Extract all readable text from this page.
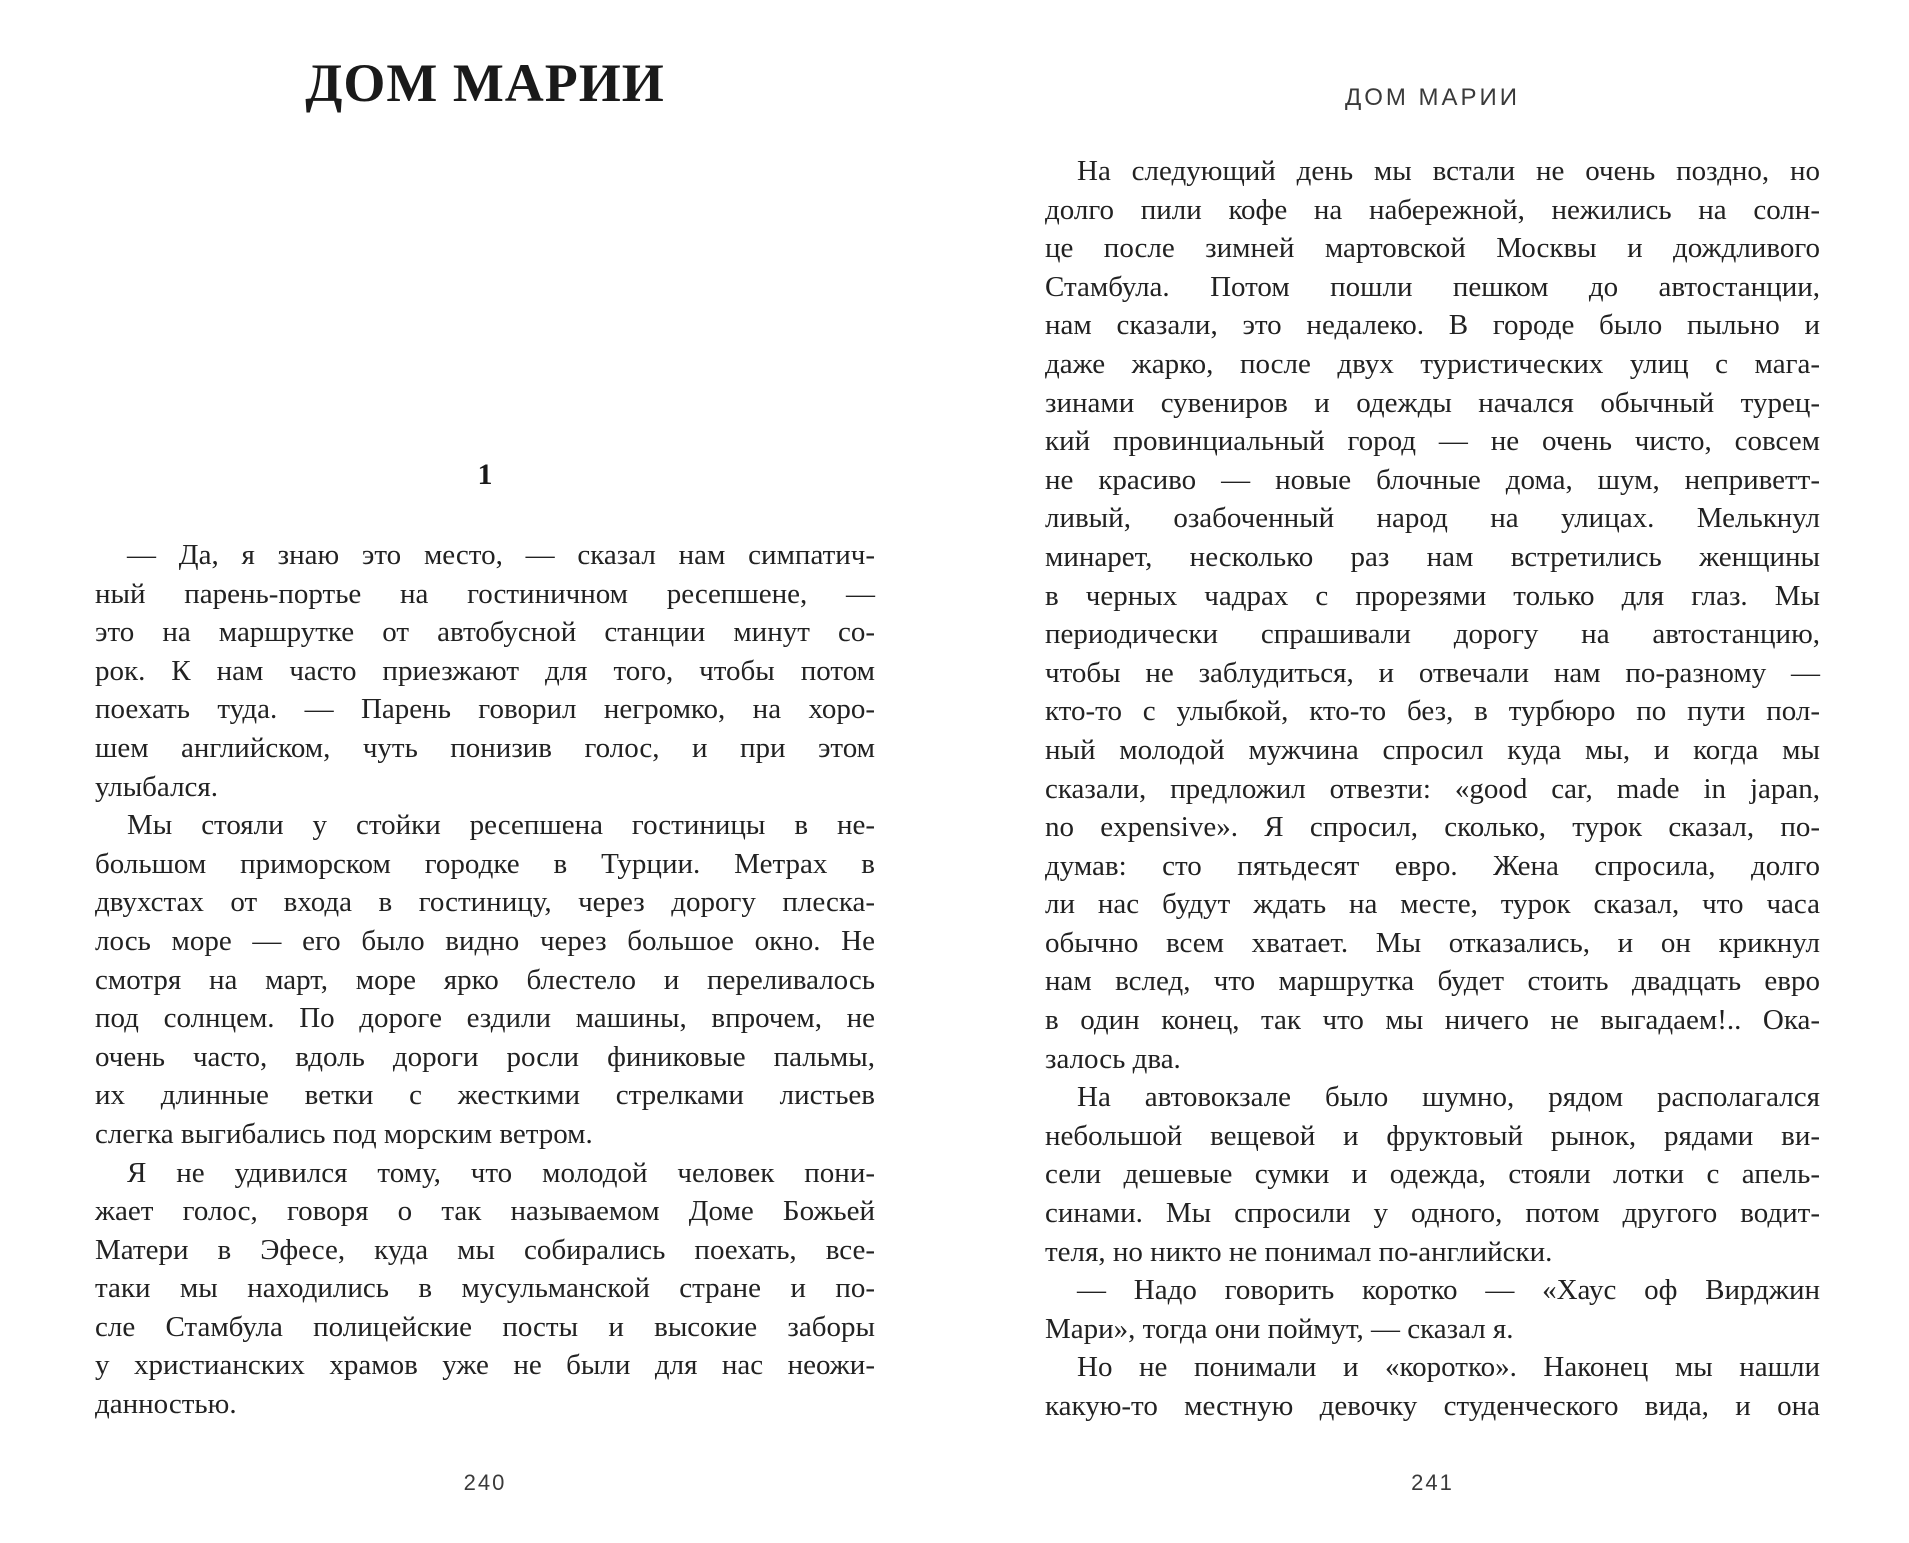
ДОМ МАРИИ
1
— Да, я знаю это место, — сказал нам симпатич-
ный парень-портье на гостиничном ресепшене, —
это на маршрутке от автобусной станции минут со-
рок. К нам часто приезжают для того, чтобы потом
поехать туда. — Парень говорил негромко, на хоро-
шем английском, чуть понизив голос, и при этом
улыбался.
Мы стояли у стойки ресепшена гостиницы в не-
большом приморском городке в Турции. Метрах в
двухстах от входа в гостиницу, через дорогу плеска-
лось море — его было видно через большое окно. Не
смотря на март, море ярко блестело и переливалось
под солнцем. По дороге ездили машины, впрочем, не
очень часто, вдоль дороги росли финиковые пальмы,
их длинные ветки с жесткими стрелками листьев
слегка выгибались под морским ветром.
Я не удивился тому, что молодой человек пони-
жает голос, говоря о так называемом Доме Божьей
Матери в Эфесе, куда мы собирались поехать, все-
таки мы находились в мусульманской стране и по-
сле Стамбула полицейские посты и высокие заборы
у христианских храмов уже не были для нас неожи-
данностью.
240
ДОМ МАРИИ
На следующий день мы встали не очень поздно, но
долго пили кофе на набережной, нежились на солн-
це после зимней мартовской Москвы и дождливого
Стамбула. Потом пошли пешком до автостанции,
нам сказали, это недалеко. В городе было пыльно и
даже жарко, после двух туристических улиц с мага-
зинами сувениров и одежды начался обычный турец-
кий провинциальный город — не очень чисто, совсем
не красиво — новые блочные дома, шум, неприветт-
ливый, озабоченный народ на улицах. Мелькнул
минарет, несколько раз нам встретились женщины
в черных чадрах с прорезями только для глаз. Мы
периодически спрашивали дорогу на автостанцию,
чтобы не заблудиться, и отвечали нам по-разному —
кто-то с улыбкой, кто-то без, в турбюро по пути пол-
ный молодой мужчина спросил куда мы, и когда мы
сказали, предложил отвезти: «good car, made in japan,
no expensive». Я спросил, сколько, турок сказал, по-
думав: сто пятьдесят евро. Жена спросила, долго
ли нас будут ждать на месте, турок сказал, что часа
обычно всем хватает. Мы отказались, и он крикнул
нам вслед, что маршрутка будет стоить двадцать евро
в один конец, так что мы ничего не выгадаем!.. Ока-
залось два.
На автовокзале было шумно, рядом располагался
небольшой вещевой и фруктовый рынок, рядами ви-
сели дешевые сумки и одежда, стояли лотки с апель-
синами. Мы спросили у одного, потом другого водит-
теля, но никто не понимал по-английски.
— Надо говорить коротко — «Хаус оф Вирджин
Мари», тогда они поймут, — сказал я.
Но не понимали и «коротко». Наконец мы нашли
какую-то местную девочку студенческого вида, и она
241
